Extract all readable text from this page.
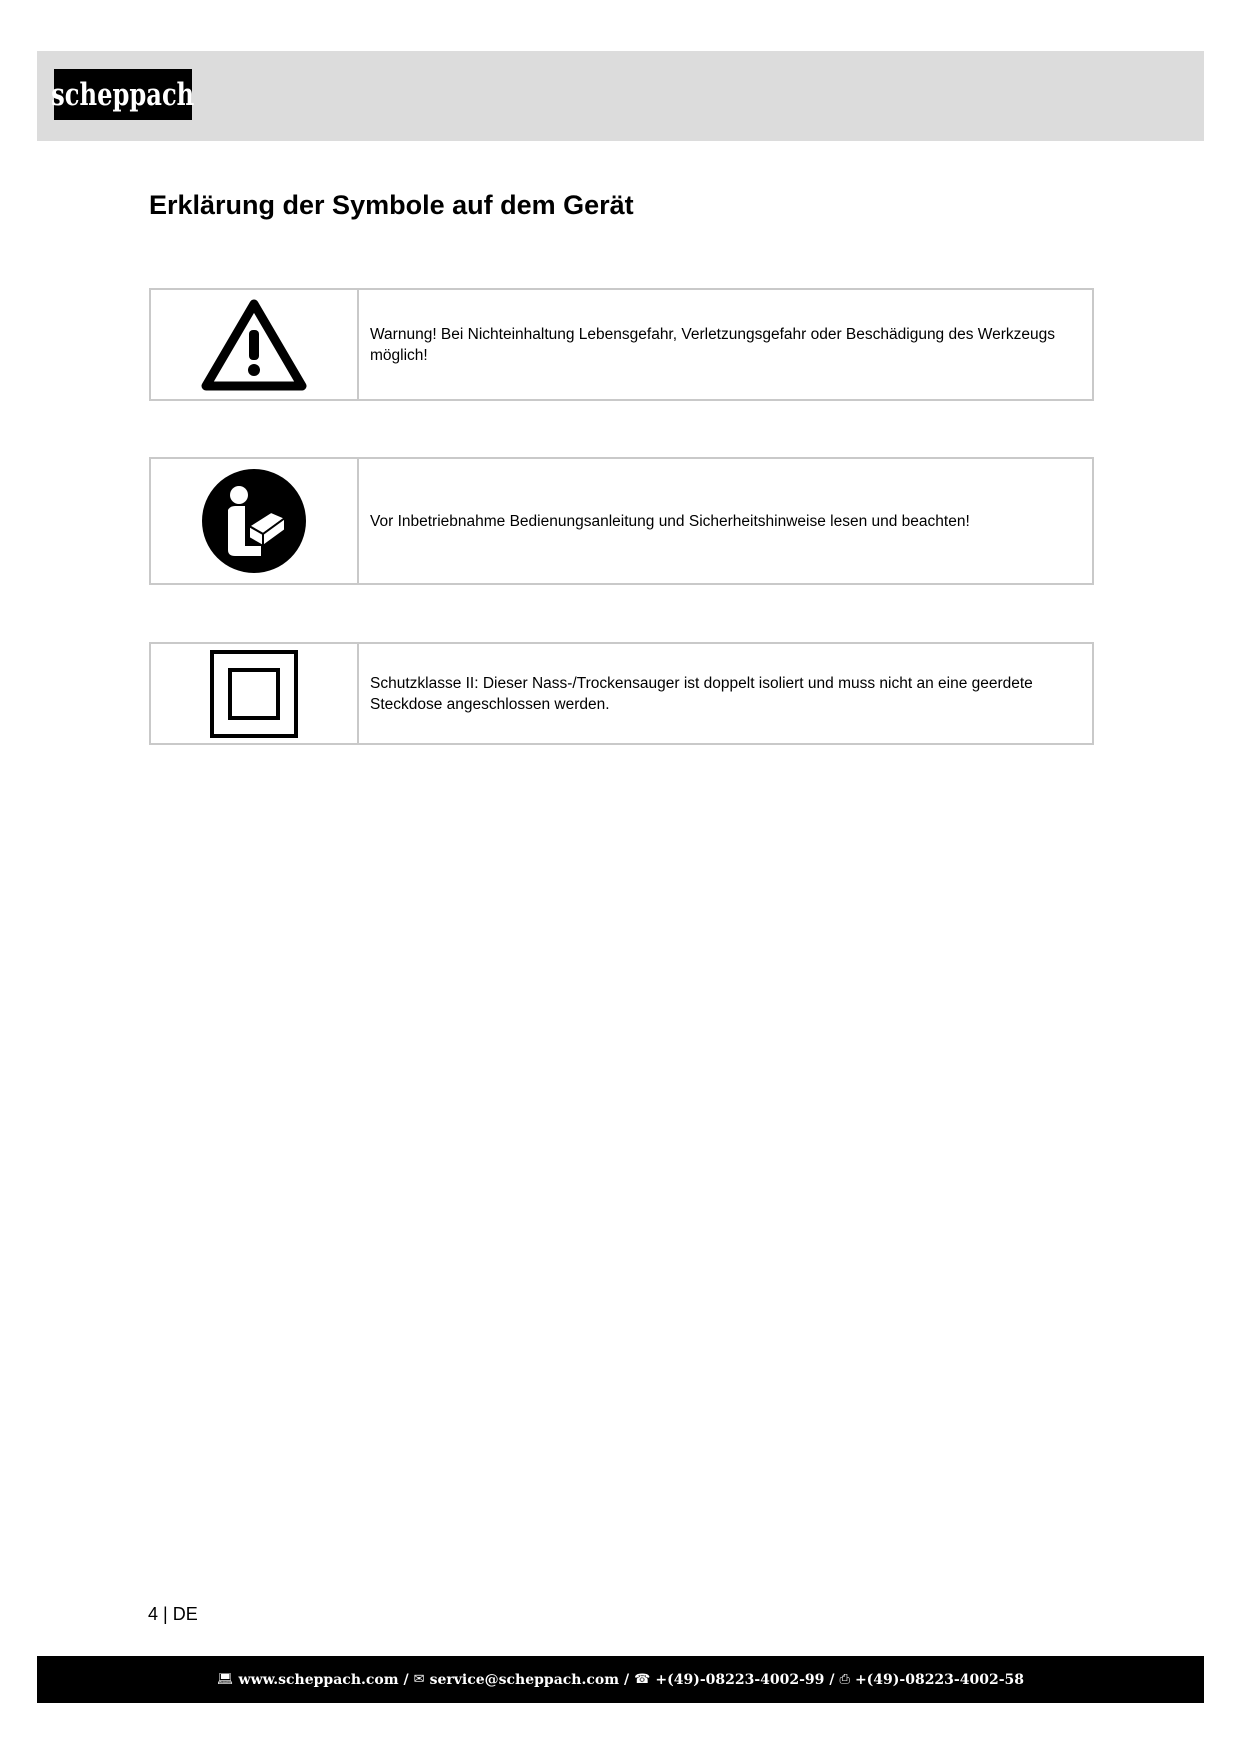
scheppach
Erklärung der Symbole auf dem Gerät
Warnung! Bei Nichteinhaltung Lebensgefahr, Verletzungsgefahr oder Beschädigung des Werkzeugs möglich!
Vor Inbetriebnahme Bedienungsanleitung und Sicherheitshinweise lesen und beachten!
Schutzklasse II: Dieser Nass-/Trockensauger ist doppelt isoliert und muss nicht an eine geerdete Steckdose angeschlossen werden.
4 | DE
💻︎ www.scheppach.com / ✉ service@scheppach.com / ☎ +(49)-08223-4002-99 / ⎙ +(49)-08223-4002-58
